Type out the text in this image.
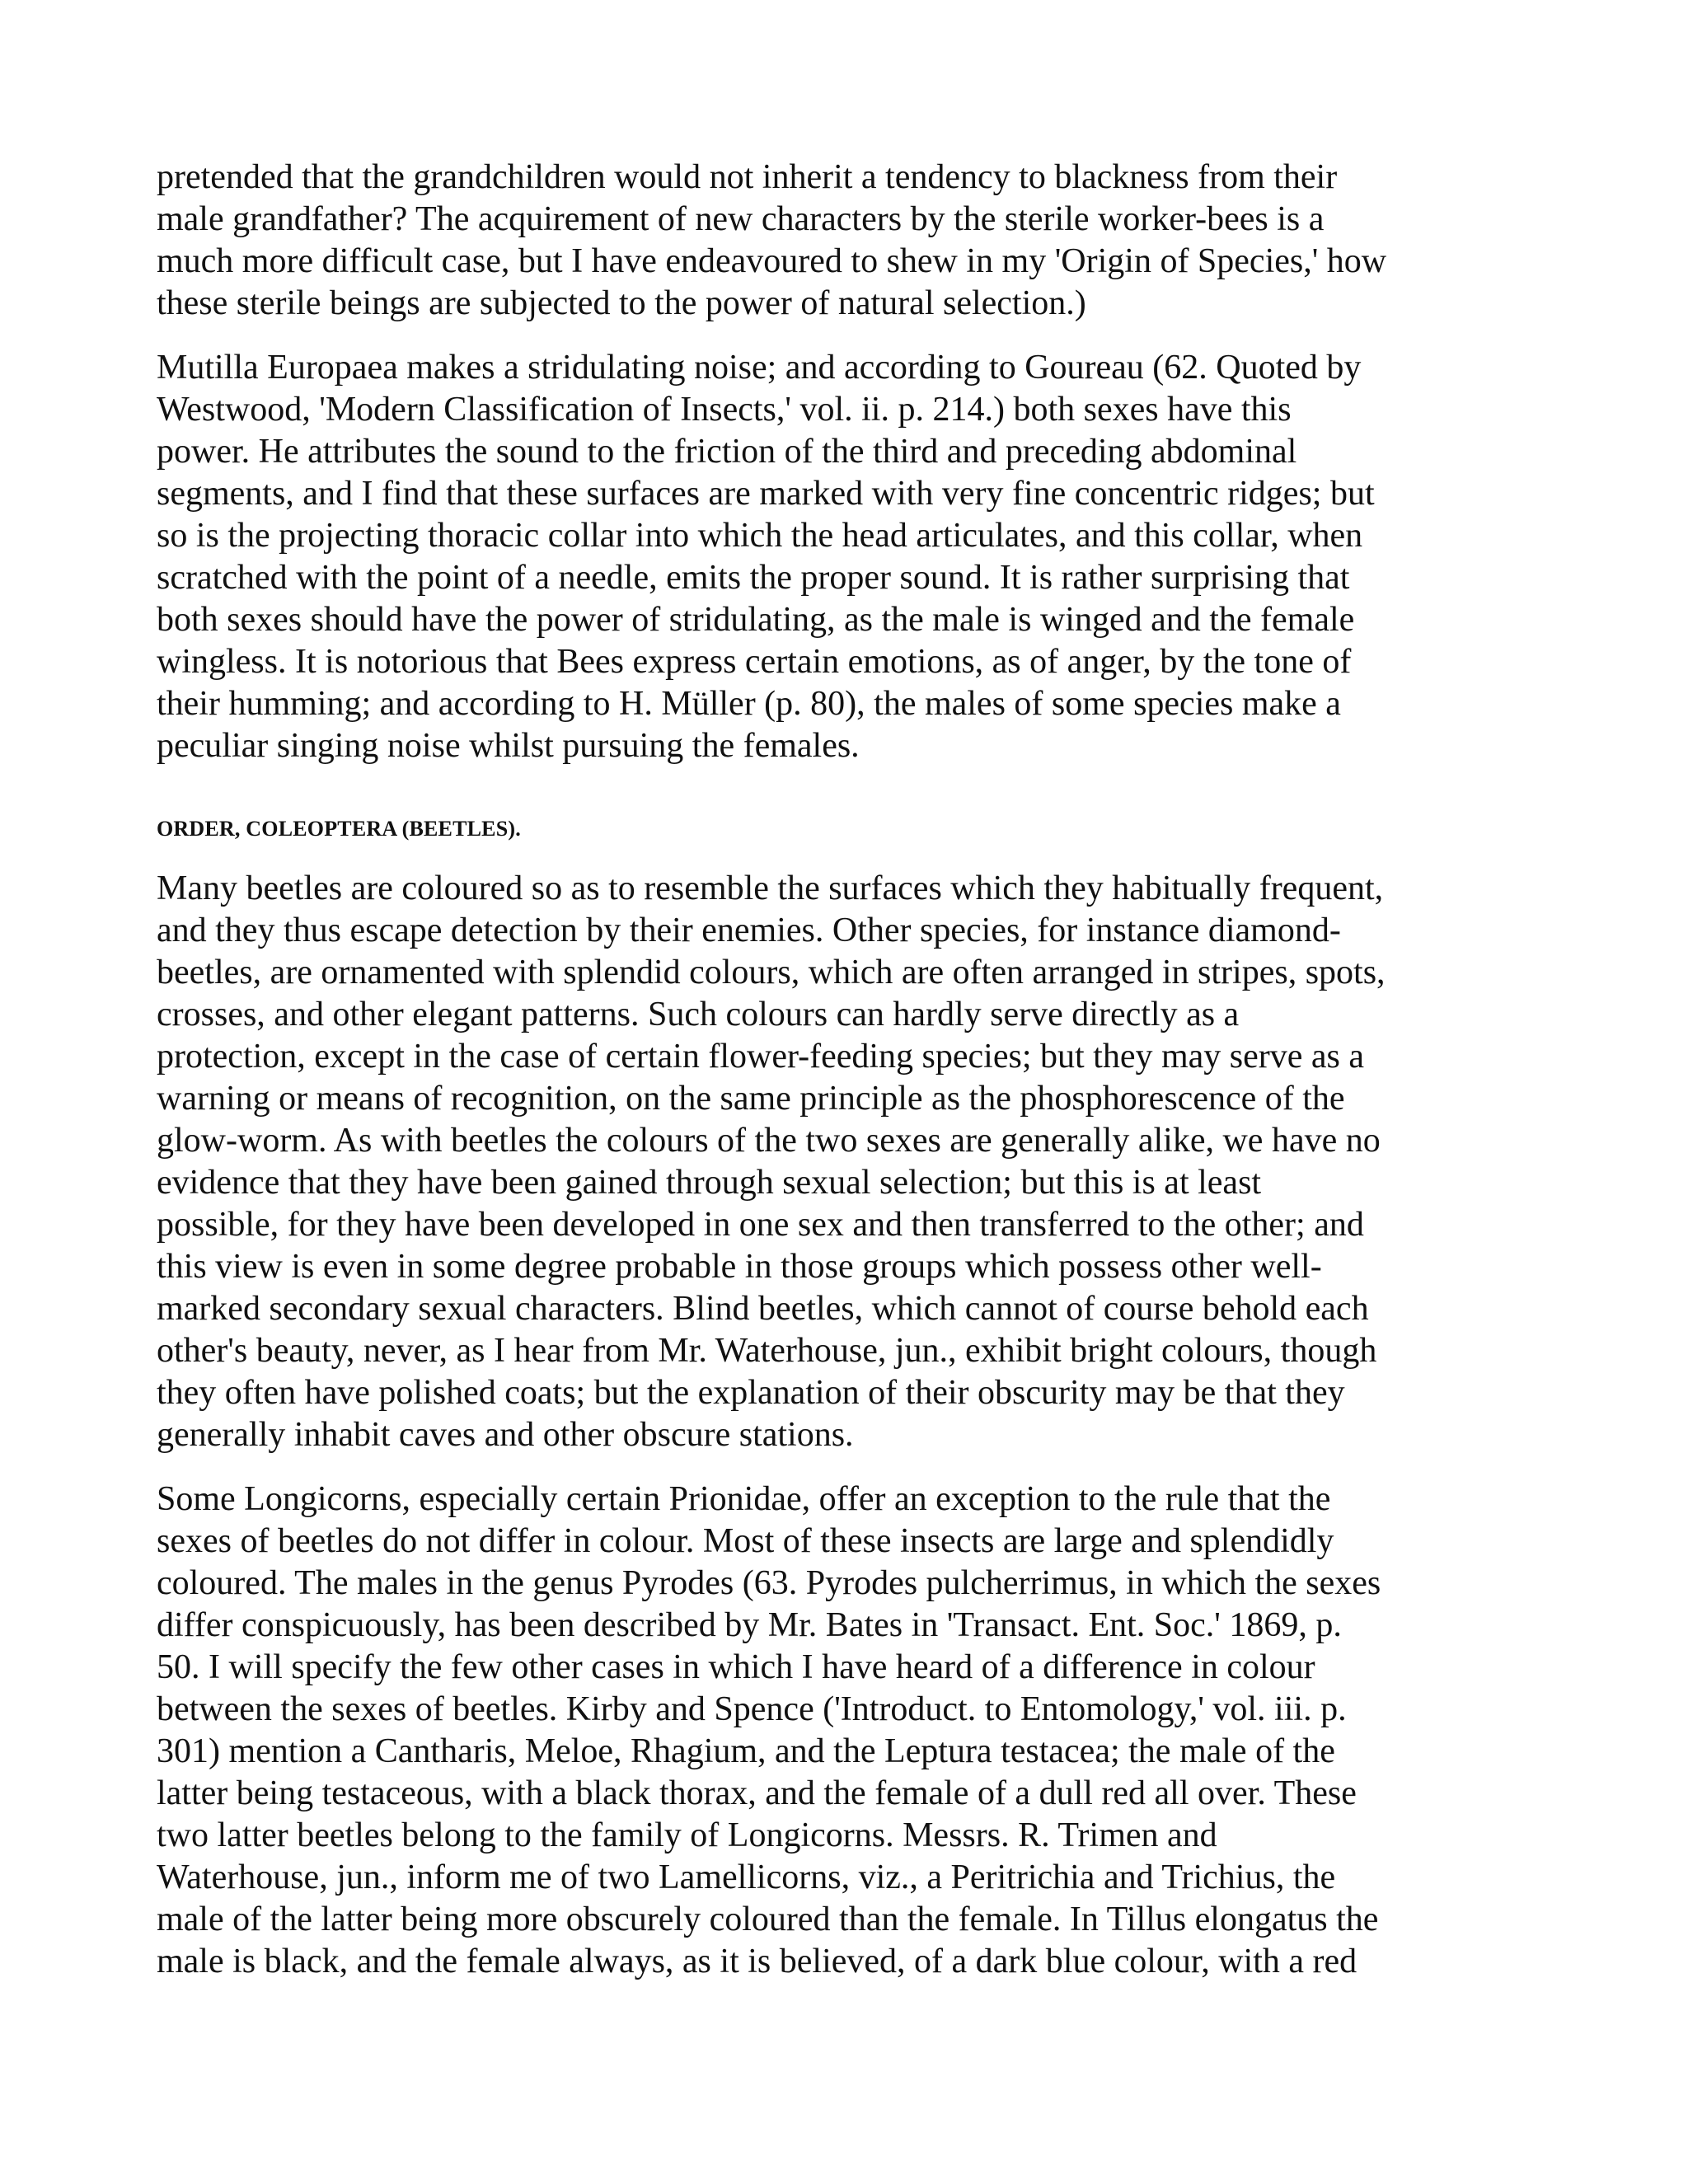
pretended that the grandchildren would not inherit a tendency to blackness from their
male grandfather? The acquirement of new characters by the sterile worker-bees is a
much more difficult case, but I have endeavoured to shew in my 'Origin of Species,' how
these sterile beings are subjected to the power of natural selection.)

Mutilla Europaea makes a stridulating noise; and according to Goureau (62. Quoted by
Westwood, 'Modern Classification of Insects,' vol. ii. p. 214.) both sexes have this
power. He attributes the sound to the friction of the third and preceding abdominal
segments, and I find that these surfaces are marked with very fine concentric ridges; but
so is the projecting thoracic collar into which the head articulates, and this collar, when
scratched with the point of a needle, emits the proper sound. It is rather surprising that
both sexes should have the power of stridulating, as the male is winged and the female
wingless. It is notorious that Bees express certain emotions, as of anger, by the tone of
their humming; and according to H. Müller (p. 80), the males of some species make a
peculiar singing noise whilst pursuing the females.

ORDER, COLEOPTERA (BEETLES).

Many beetles are coloured so as to resemble the surfaces which they habitually frequent,
and they thus escape detection by their enemies. Other species, for instance diamond-
beetles, are ornamented with splendid colours, which are often arranged in stripes, spots,
crosses, and other elegant patterns. Such colours can hardly serve directly as a
protection, except in the case of certain flower-feeding species; but they may serve as a
warning or means of recognition, on the same principle as the phosphorescence of the
glow-worm. As with beetles the colours of the two sexes are generally alike, we have no
evidence that they have been gained through sexual selection; but this is at least
possible, for they have been developed in one sex and then transferred to the other; and
this view is even in some degree probable in those groups which possess other well-
marked secondary sexual characters. Blind beetles, which cannot of course behold each
other's beauty, never, as I hear from Mr. Waterhouse, jun., exhibit bright colours, though
they often have polished coats; but the explanation of their obscurity may be that they
generally inhabit caves and other obscure stations.

Some Longicorns, especially certain Prionidae, offer an exception to the rule that the
sexes of beetles do not differ in colour. Most of these insects are large and splendidly
coloured. The males in the genus Pyrodes (63. Pyrodes pulcherrimus, in which the sexes
differ conspicuously, has been described by Mr. Bates in 'Transact. Ent. Soc.' 1869, p.
50. I will specify the few other cases in which I have heard of a difference in colour
between the sexes of beetles. Kirby and Spence ('Introduct. to Entomology,' vol. iii. p.
301) mention a Cantharis, Meloe, Rhagium, and the Leptura testacea; the male of the
latter being testaceous, with a black thorax, and the female of a dull red all over. These
two latter beetles belong to the family of Longicorns. Messrs. R. Trimen and
Waterhouse, jun., inform me of two Lamellicorns, viz., a Peritrichia and Trichius, the
male of the latter being more obscurely coloured than the female. In Tillus elongatus the
male is black, and the female always, as it is believed, of a dark blue colour, with a red
